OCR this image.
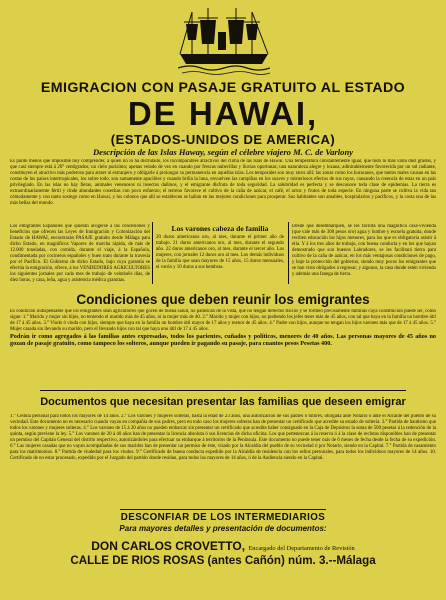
EMIGRACION CON PASAJE GRATUITO AL ESTADO
DE HAWAI,
(ESTADOS-UNIDOS DE AMERICA)
Descripción de las Islas Haway, según el célebre viajero M. C. de Varlony
Es punto menos que imposible hoy comprender, á quien no lo ha disfrutado, los incomparables atractivos del clima de las Islas de Hawai. Una temperatura constantemente igual, que todo lo más varía diez grados, y que casi siempre está á 20° centígrados; un cielo purísimo; apenas velado de vez en cuando por frescas nubecillas y lluvias oportunas; una naturaleza alegre y lozana, admirablemente favorecida por un sol radiante, constituyen el atractivo más poderoso para atraer al extranjero y obligarle á prolongar su permanencia en aquellas islas. Los temporales son muy raros allí; las zonas como los huracanes, que tantos males causan en las costas de los países intertropicales, los sobre todo, son sumamente apacibles y cuando brilla la luna, envuelven las campiñas en los suaves y misteriosos efectos de sus rayos, causando la creencia de estar en un país privilegiado. En las islas no hay fieras, animales venenosos ni insectos dañinos, y el emigrante disfruta de toda seguridad. La salubridad es perfecta y se desconoce toda clase de epidemias. La tierra es extraordinariamente fértil y rinde abundantes cosechas con poco esfuerzo; el terreno favorece el cultivo de la caña de azúcar, el café, el arroz y frutos de toda especie. En ninguna parte se cultiva la vida tan cómodamente y con tanto sosiego como en Hawai, y los colonos que allí se establecen se hallan en las mejores condiciones para prosperar. Sus habitantes son amables, hospitalarios y pacíficos, y la costa una de las más bellas del mundo.
Los emigrantes Españoles que quieran acogerse á las concesiones y beneficios que ofrecen las Leyes de Inmigración y Colonización del Estado de HAWAI, encontrarán PASAJE gratuito desde Málaga para dicho Estado, en magníficos Vapores de marcha rápida, de más de 12.000 toneladas, con comida, durante el viaje, á la Española, condimentada por cocineros españoles y buen trato durante la travesía por el Pacífico. El Gobierno de dicho Estado, bajo cuya garantía se efectúa la emigración, ofrece, á los VENDEDORES AGRICULTORES los siguientes jornales por cada mes de trabajo de veintiséis días, de diez horas, y casa, leña, agua y asistencia médica gratuitas.
Los varones cabeza de familia
20 duros americanos oro, al mes, durante el primer año de trabajo. 21 duros americanos oro, al mes, durante el segundo año. 22 duros americanos oro, al mes, durante el tercer año. Los mujeres, con jornales 12 duros oro al mes. Los demás individuos de la familia que sean mayores de 15 años, 15 duros mensuales, el varón y 10 duros a sus hembras.
Desde que desembarquen, se les facilita una magnífica casa-vivienda (que vale más de 300 pesos oro) agua y lumbre y escuela gratuita, donde reciben educación los hijos menores, para los que es obligatoria asistir á ella. Y á los tres años de trabajo, con buena conducta y en los que hayan demostrado que son buenos Labradores, se les facilitará tierra para cultivo de la caña de azúcar, en los más ventajosas condiciones de pago, y bajo la protección del gobierno, siendo muy pocos los emigrantes que se han visto obligados á regresar; y algunos, la casa donde estén viviendo y además una fanega de tierra.
Condiciones que deben reunir los emigrantes
Es condición indispensable que los emigrantes sean agricultores que gocen de buena salud, no padezcan de la vista, que no tengan defectos físicos y se formen precisamente familias cuya constitución puede ser, como sigue: 1.° Marido y mujer sin hijos, no teniendo el marido más de 45 años, ni la mujer más de 40. 2.° Marido y mujer con hijos, no pudiendo los jefes tener más de 45 años, con tal que haya en la familia un hombre útil de 17 á 45 años. 3.° Viudo ó viuda con hijos, siempre que haya en la familia un hombre útil mayor de 17 años y menor de 45 años. 4.° Padre con hijos, aunque no tengan los hijos varones más que de 17 á 45 años. 5.° Mujer casada sin llevando su marido, pero el llevando hijos con tal que haya uno útil de 17 á 45 años.
Podrán ir como agregados á las familias antes expresadas, todos los parientes, cuñados y políticos, menores de 40 años. Las personas mayores de 45 años no gozan de pasaje gratuito, como tampoco los solteros, aunque pueden ir pagando su pasaje, para cuantos pesos Pesetas 400.
Documentos que necesitan presentar las familias que deseen emigrar
1.° Cédula personal para todos los mayores de 14 años. 2.° Los varones y mujeres solteras, hasta la edad de 23 años, una autorización de sus padres ó tutores, otorgada ante Notario ó ante el Alcalde del pueblo de su vecindad. Este documento no es necesario cuando vayan en compañía de sus padres, pero en todo caso los mujeres solteras han de presentar un certificado que acredite su estado de soltería. 3.° Partida de bautismo que todos los varones y mujeres solteras. 4.° Los varones de 15 á 20 años no pueden embarcar sin presentar un certificado que acredite haber consignado en la Caja de Depósitos la suma de 500 pesetas á la redención de la quinta, según previene la ley. 5.° Los varones de 20 á 40 años han de presentar la licencia absoluta ó sus licencias de dicha oficina. Los que pertenezcan á la reserva ó á la clase de reclutas disponibles han de presentar un permiso del Capitán General del distrito respectivo, autorizándoles para efectuar su embarque á territorios de la Península. Este documento no puede tener más de 6 meses de fecha desde la fecha de su expedición. 6.° Las mujeres casadas que no vayan acompañadas de sus maridos han de presentar un permiso de éste, visado por la Alcaldía del pueblo de su vecindad ó por Notario, siendo en la Capital. 7.° Partida de casamiento para los matrimonios. 8.° Partida de viudedad para los viudos. 9.° Certificado de buena conducta expedido por la Alcaldía de residencia con los sellos personales, para todos los individuos mayores de 14 años. 10. Certificado de no estar procesado, expedido por el Juzgado del partido donde residan, para todos los mayores de 14 años, ó de la Audiencia siendo en la Capital.
DESCONFIAR DE LOS INTERMEDIARIOS
Para mayores detalles y presentación de documentos:
DON CARLOS CROVETTO, Encargado del Departamento de Revisión
CALLE DE RIOS ROSAS (antes Cañón) núm. 3.--Málaga
